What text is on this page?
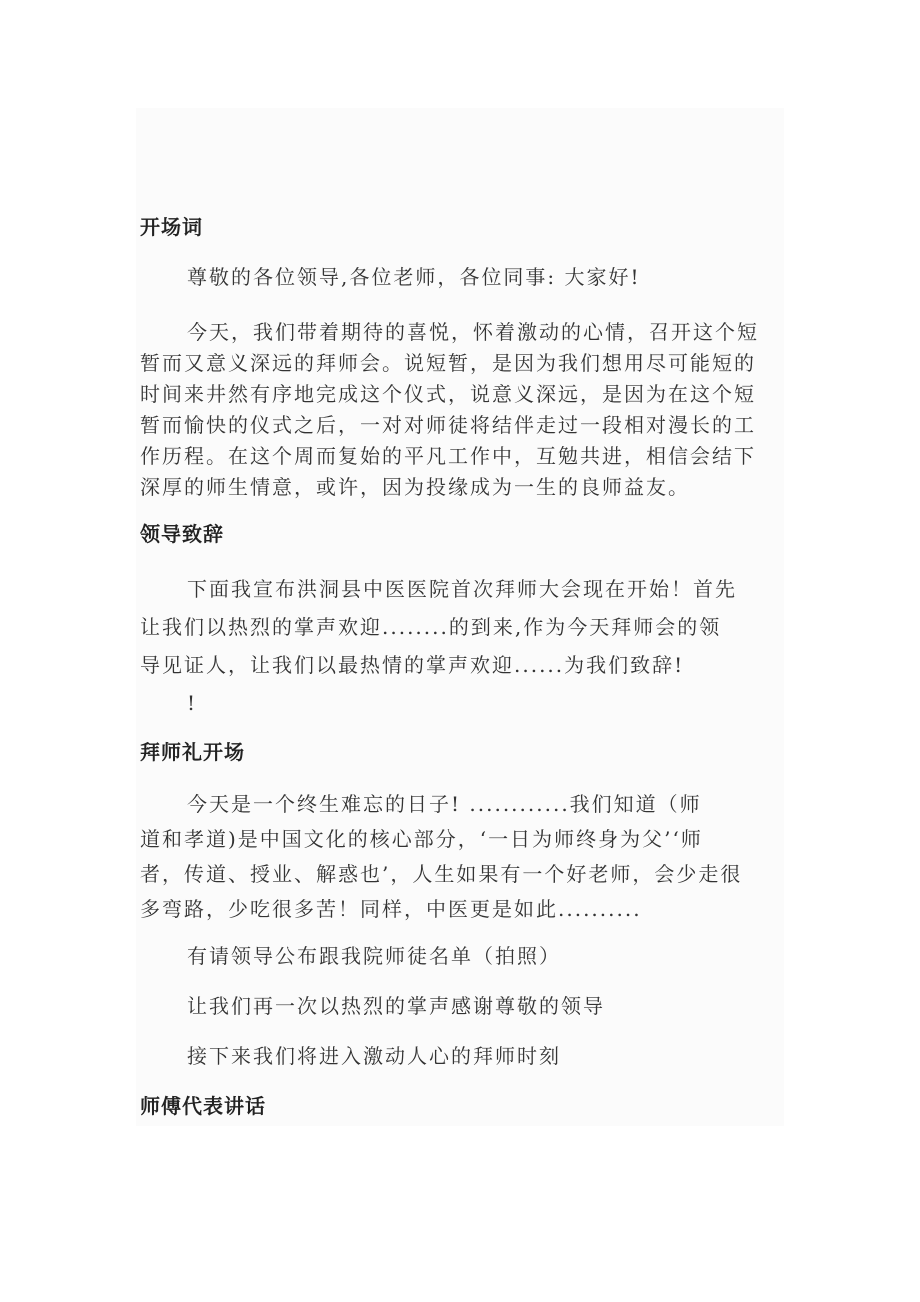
开场词
尊敬的各位领导,各位老师，各位同事: 大家好!
今天，我们带着期待的喜悦，怀着激动的心情，召开这个短
暂而又意义深远的拜师会。说短暂，是因为我们想用尽可能短的
时间来井然有序地完成这个仪式，说意义深远，是因为在这个短
暂而愉快的仪式之后，一对对师徒将结伴走过一段相对漫长的工
作历程。在这个周而复始的平凡工作中，互勉共进，相信会结下
深厚的师生情意，或许，因为投缘成为一生的良师益友。
领导致辞
下面我宣布洪洞县中医医院首次拜师大会现在开始！首先
让我们以热烈的掌声欢迎........的到来,作为今天拜师会的领
导见证人，让我们以最热情的掌声欢迎......为我们致辞!
!
拜师礼开场
今天是一个终生难忘的日子! ............我们知道（师
道和孝道)是中国文化的核心部分，‘一日为师终身为父’‘师
者，传道、授业、解惑也’，人生如果有一个好老师，会少走很
多弯路，少吃很多苦！同样，中医更是如此..........
有请领导公布跟我院师徒名单（拍照）
让我们再一次以热烈的掌声感谢尊敬的领导
接下来我们将进入激动人心的拜师时刻
师傅代表讲话
